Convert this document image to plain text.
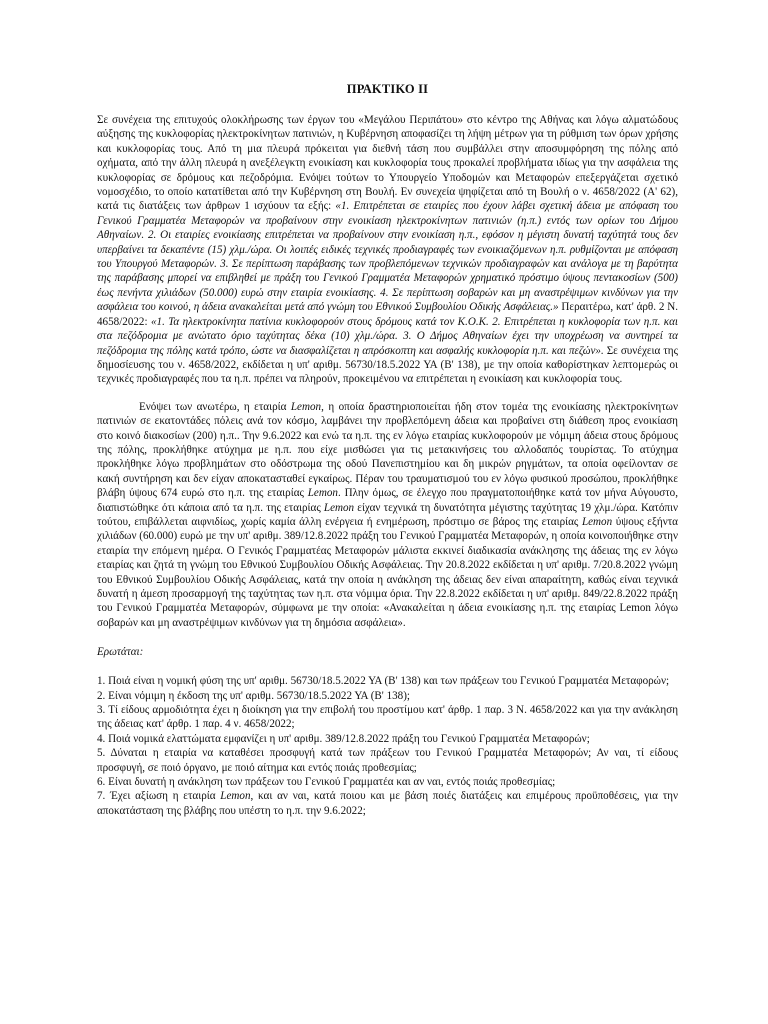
ΠΡΑΚΤΙΚΟ ΙΙ

Σε συνέχεια της επιτυχούς ολοκλήρωσης των έργων του «Μεγάλου Περιπάτου» στο κέντρο της Αθήνας και λόγω αλματώδους αύξησης της κυκλοφορίας ηλεκτροκίνητων πατινιών, η Κυβέρνηση αποφασίζει τη λήψη μέτρων για τη ρύθμιση των όρων χρήσης και κυκλοφορίας τους. Από τη μια πλευρά πρόκειται για διεθνή τάση που συμβάλλει στην αποσυμφόρηση της πόλης από οχήματα, από την άλλη πλευρά η ανεξέλεγκτη ενοικίαση και κυκλοφορία τους προκαλεί προβλήματα ιδίως για την ασφάλεια της κυκλοφορίας σε δρόμους και πεζοδρόμια. Ενόψει τούτων το Υπουργείο Υποδομών και Μεταφορών επεξεργάζεται σχετικό νομοσχέδιο, το οποίο κατατίθεται από την Κυβέρνηση στη Βουλή. Εν συνεχεία ψηφίζεται από τη Βουλή ο ν. 4658/2022 (Α' 62), κατά τις διατάξεις των άρθρων 1 ισχύουν τα εξής: «1. Επιτρέπεται σε εταιρίες που έχουν λάβει σχετική άδεια με απόφαση του Γενικού Γραμματέα Μεταφορών να προβαίνουν στην ενοικίαση ηλεκτροκίνητων πατινιών (η.π.) εντός των ορίων του Δήμου Αθηναίων. 2. Οι εταιρίες ενοικίασης επιτρέπεται να προβαίνουν στην ενοικίαση η.π., εφόσον η μέγιστη δυνατή ταχύτητά τους δεν υπερβαίνει τα δεκαπέντε (15) χλμ./ώρα. Οι λοιπές ειδικές τεχνικές προδιαγραφές των ενοικιαζόμενων η.π. ρυθμίζονται με απόφαση του Υπουργού Μεταφορών. 3. Σε περίπτωση παράβασης των προβλεπόμενων τεχνικών προδιαγραφών και ανάλογα με τη βαρύτητα της παράβασης μπορεί να επιβληθεί με πράξη του Γενικού Γραμματέα Μεταφορών χρηματικό πρόστιμο ύψους πεντακοσίων (500) έως πενήντα χιλιάδων (50.000) ευρώ στην εταιρία ενοικίασης. 4. Σε περίπτωση σοβαρών και μη αναστρέψιμων κινδύνων για την ασφάλεια του κοινού, η άδεια ανακαλείται μετά από γνώμη του Εθνικού Συμβουλίου Οδικής Ασφάλειας.» Περαιτέρω, κατ' άρθ. 2 Ν. 4658/2022: «1. Τα ηλεκτροκίνητα πατίνια κυκλοφορούν στους δρόμους κατά τον Κ.Ο.Κ. 2. Επιτρέπεται η κυκλοφορία των η.π. και στα πεζόδρομια με ανώτατο όριο ταχύτητας δέκα (10) χλμ./ώρα. 3. Ο Δήμος Αθηναίων έχει την υποχρέωση να συντηρεί τα πεζόδρομια της πόλης κατά τρόπο, ώστε να διασφαλίζεται η απρόσκοπτη και ασφαλής κυκλοφορία η.π. και πεζών». Σε συνέχεια της δημοσίευσης του ν. 4658/2022, εκδίδεται η υπ' αριθμ. 56730/18.5.2022 ΥΑ (Β' 138), με την οποία καθορίστηκαν λεπτομερώς οι τεχνικές προδιαγραφές που τα η.π. πρέπει να πληρούν, προκειμένου να επιτρέπεται η ενοικίαση και κυκλοφορία τους.

Ενόψει των ανωτέρω, η εταιρία Lemon, η οποία δραστηριοποιείται ήδη στον τομέα της ενοικίασης ηλεκτροκίνητων πατινιών σε εκατοντάδες πόλεις ανά τον κόσμο, λαμβάνει την προβλεπόμενη άδεια και προβαίνει στη διάθεση προς ενοικίαση στο κοινό διακοσίων (200) η.π.. Την 9.6.2022 και ενώ τα η.π. της εν λόγω εταιρίας κυκλοφορούν με νόμιμη άδεια στους δρόμους της πόλης, προκλήθηκε ατύχημα με η.π. που είχε μισθώσει για τις μετακινήσεις του αλλοδαπός τουρίστας. Το ατύχημα προκλήθηκε λόγω προβλημάτων στο οδόστρωμα της οδού Πανεπιστημίου και δη μικρών ρηγμάτων, τα οποία οφείλονταν σε κακή συντήρηση και δεν είχαν αποκατασταθεί εγκαίρως. Πέραν του τραυματισμού του εν λόγω φυσικού προσώπου, προκλήθηκε βλάβη ύψους 674 ευρώ στο η.π. της εταιρίας Lemon. Πλην όμως, σε έλεγχο που πραγματοποιήθηκε κατά τον μήνα Αύγουστο, διαπιστώθηκε ότι κάποια από τα η.π. της εταιρίας Lemon είχαν τεχνικά τη δυνατότητα μέγιστης ταχύτητας 19 χλμ./ώρα. Κατόπιν τούτου, επιβάλλεται αιφνιδίως, χωρίς καμία άλλη ενέργεια ή ενημέρωση, πρόστιμο σε βάρος της εταιρίας Lemon ύψους εξήντα χιλιάδων (60.000) ευρώ με την υπ' αριθμ. 389/12.8.2022 πράξη του Γενικού Γραμματέα Μεταφορών, η οποία κοινοποιήθηκε στην εταιρία την επόμενη ημέρα. Ο Γενικός Γραμματέας Μεταφορών μάλιστα εκκινεί διαδικασία ανάκλησης της άδειας της εν λόγω εταιρίας και ζητά τη γνώμη του Εθνικού Συμβουλίου Οδικής Ασφάλειας. Την 20.8.2022 εκδίδεται η υπ' αριθμ. 7/20.8.2022 γνώμη του Εθνικού Συμβουλίου Οδικής Ασφάλειας, κατά την οποία η ανάκληση της άδειας δεν είναι απαραίτητη, καθώς είναι τεχνικά δυνατή η άμεση προσαρμογή της ταχύτητας των η.π. στα νόμιμα όρια. Την 22.8.2022 εκδίδεται η υπ' αριθμ. 849/22.8.2022 πράξη του Γενικού Γραμματέα Μεταφορών, σύμφωνα με την οποία: «Ανακαλείται η άδεια ενοικίασης η.π. της εταιρίας Lemon λόγω σοβαρών και μη αναστρέψιμων κινδύνων για τη δημόσια ασφάλεια».

Ερωτάται:

1. Ποιά είναι η νομική φύση της υπ' αριθμ. 56730/18.5.2022 ΥΑ (Β' 138) και των πράξεων του Γενικού Γραμματέα Μεταφορών;
2. Είναι νόμιμη η έκδοση της υπ' αριθμ. 56730/18.5.2022 ΥΑ (Β' 138);
3. Τί είδους αρμοδιότητα έχει η διοίκηση για την επιβολή του προστίμου κατ' άρθρ. 1 παρ. 3 Ν. 4658/2022 και για την ανάκληση της άδειας κατ' άρθρ. 1 παρ. 4 ν. 4658/2022;
4. Ποιά νομικά ελαττώματα εμφανίζει η υπ' αριθμ. 389/12.8.2022 πράξη του Γενικού Γραμματέα Μεταφορών;
5. Δύναται η εταιρία να καταθέσει προσφυγή κατά των πράξεων του Γενικού Γραμματέα Μεταφορών; Αν ναι, τί είδους προσφυγή, σε ποιό όργανο, με ποιό αίτημα και εντός ποιάς προθεσμίας;
6. Είναι δυνατή η ανάκληση των πράξεων του Γενικού Γραμματέα και αν ναι, εντός ποιάς προθεσμίας;
7. Έχει αξίωση η εταιρία Lemon, και αν ναι, κατά ποιου και με βάση ποιές διατάξεις και επιμέρους προϋποθέσεις, για την αποκατάσταση της βλάβης που υπέστη το η.π. την 9.6.2022;
